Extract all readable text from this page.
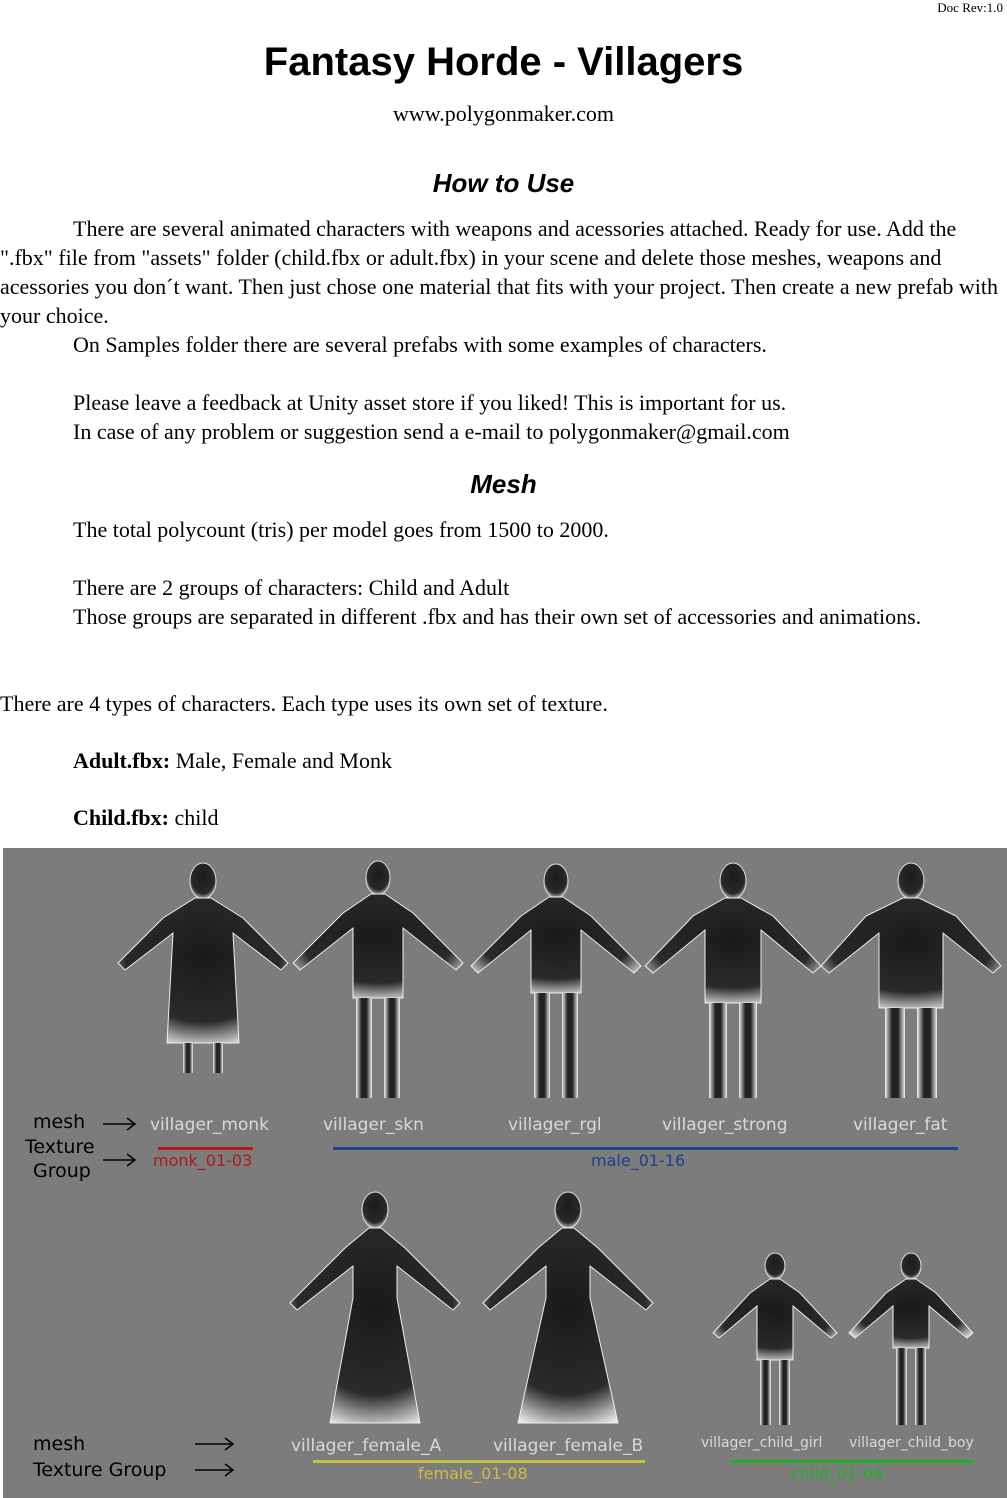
Doc Rev:1.0
Fantasy Horde - Villagers
www.polygonmaker.com
How to Use
There are several animated characters with weapons and acessories attached. Ready for use. Add the ".fbx" file from "assets" folder (child.fbx or adult.fbx) in your scene and delete those meshes, weapons and acessories you don´t want. Then just chose one material that fits with your project. Then create a new prefab with your choice.
On Samples folder there are several prefabs with some examples of characters.
Please leave a feedback at Unity asset store if you liked! This is important for us.
In case of any problem or suggestion send a e-mail to polygonmaker@gmail.com
Mesh
The total polycount (tris) per model goes from 1500 to 2000.
There are 2 groups of characters: Child and Adult
Those groups are separated in different .fbx and has their own set of accessories and animations.
There are 4 types of characters. Each type uses its own set of texture.
Adult.fbx: Male, Female and Monk
Child.fbx: child
mesh
Texture
Group
villager_monk	villager_skn	villager_rgl	villager_strong	villager_fat
monk_01-03	male_01-16
mesh
Texture Group
villager_female_A	villager_female_B	villager_child_girl villager_child_boy
female_01-08	child_01-04
